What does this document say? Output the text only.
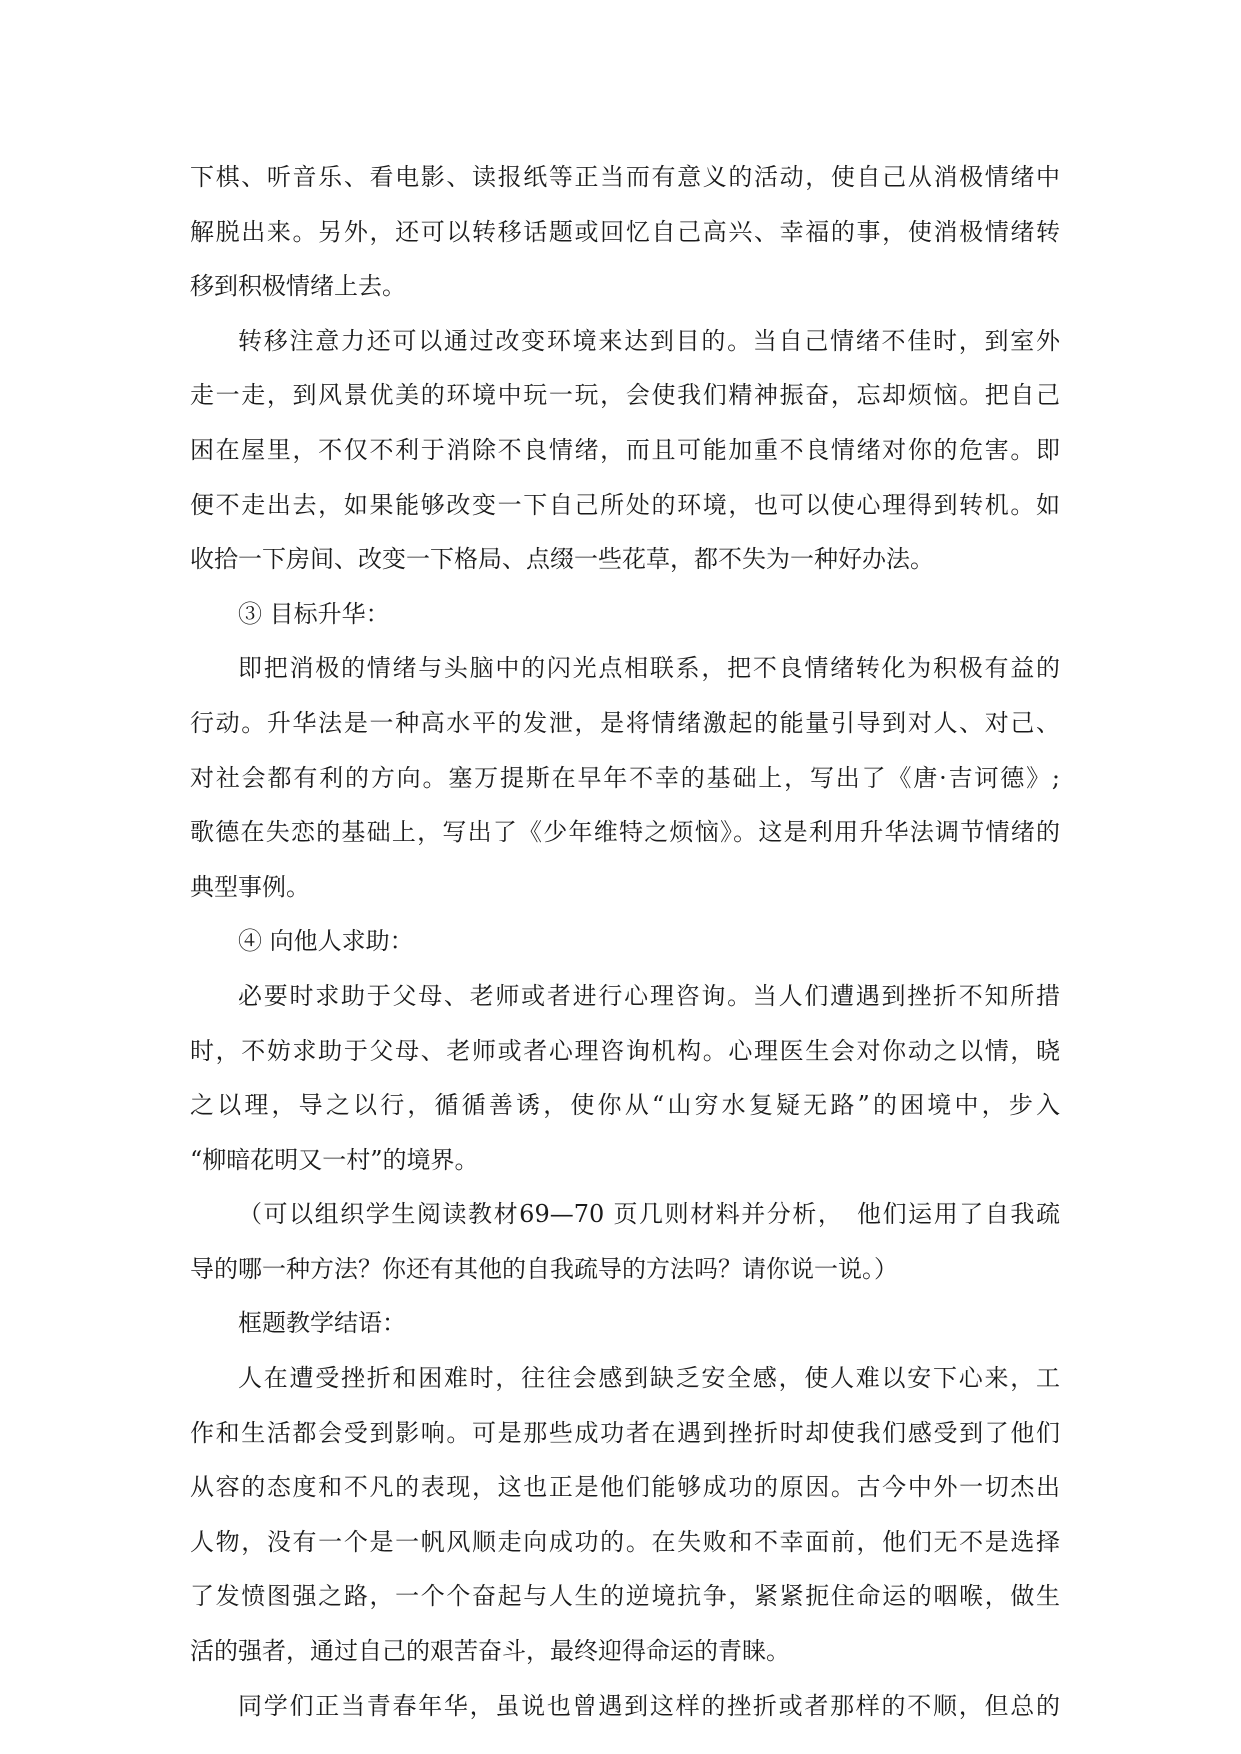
下棋、听音乐、看电影、读报纸等正当而有意义的活动，使自己从消极情绪中
解脱出来。另外，还可以转移话题或回忆自己高兴、幸福的事，使消极情绪转
移到积极情绪上去。
转移注意力还可以通过改变环境来达到目的。当自己情绪不佳时，到室外
走一走，到风景优美的环境中玩一玩，会使我们精神振奋，忘却烦恼。把自己
困在屋里，不仅不利于消除不良情绪，而且可能加重不良情绪对你的危害。即
便不走出去，如果能够改变一下自己所处的环境，也可以使心理得到转机。如
收拾一下房间、改变一下格局、点缀一些花草，都不失为一种好办法。
③ 目标升华：
即把消极的情绪与头脑中的闪光点相联系，把不良情绪转化为积极有益的
行动。升华法是一种高水平的发泄，是将情绪激起的能量引导到对人、对己、
对社会都有利的方向。塞万提斯在早年不幸的基础上，写出了《唐·吉诃德》;
歌德在失恋的基础上，写出了《少年维特之烦恼》。这是利用升华法调节情绪的
典型事例。
④ 向他人求助：
必要时求助于父母、老师或者进行心理咨询。当人们遭遇到挫折不知所措
时，不妨求助于父母、老师或者心理咨询机构。心理医生会对你动之以情，晓
之以理，导之以行，循循善诱，使你从“山穷水复疑无路”的困境中，步入
“柳暗花明又一村”的境界。
（可以组织学生阅读教材69—70 页几则材料并分析，　他们运用了自我疏
导的哪一种方法？你还有其他的自我疏导的方法吗？请你说一说。）
框题教学结语：
人在遭受挫折和困难时，往往会感到缺乏安全感，使人难以安下心来，工
作和生活都会受到影响。可是那些成功者在遇到挫折时却使我们感受到了他们
从容的态度和不凡的表现，这也正是他们能够成功的原因。古今中外一切杰出
人物，没有一个是一帆风顺走向成功的。在失败和不幸面前，他们无不是选择
了发愤图强之路，一个个奋起与人生的逆境抗争，紧紧扼住命运的咽喉，做生
活的强者，通过自己的艰苦奋斗，最终迎得命运的青睐。
同学们正当青春年华，虽说也曾遇到这样的挫折或者那样的不顺，但总的
